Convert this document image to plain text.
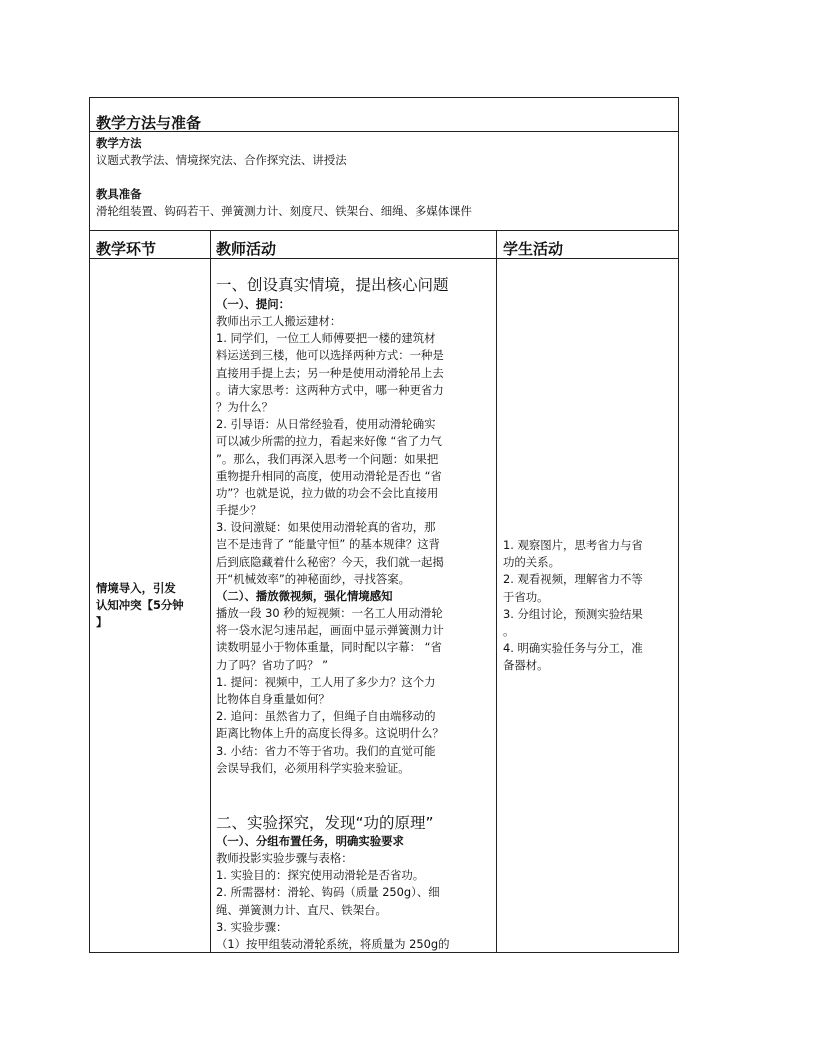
教学方法与准备
教学方法
议题式教学法、情境探究法、合作探究法、讲授法
教具准备
滑轮组装置、钩码若干、弹簧测力计、刻度尺、铁架台、细绳、多媒体课件
教学环节	教师活动	学生活动
情境导入，引发
认知冲突【5分钟
】
一、创设真实情境，提出核心问题
（一）、提问：
教师出示工人搬运建材：
1. 同学们，一位工人师傅要把一楼的建筑材
料运送到三楼，他可以选择两种方式：一种是
直接用手提上去；另一种是使用动滑轮吊上去
。请大家思考：这两种方式中，哪一种更省力
？为什么？
2. 引导语：从日常经验看，使用动滑轮确实
可以减少所需的拉力，看起来好像 “省了力气
”。那么，我们再深入思考一个问题：如果把
重物提升相同的高度，使用动滑轮是否也 “省
功”？也就是说，拉力做的功会不会比直接用
手提少？
3. 设问激疑：如果使用动滑轮真的省功，那
岂不是违背了 “能量守恒” 的基本规律？这背
后到底隐藏着什么秘密？今天，我们就一起揭
开“机械效率”的神秘面纱，寻找答案。
（二）、播放微视频，强化情境感知
播放一段 30 秒的短视频：一名工人用动滑轮
将一袋水泥匀速吊起，画面中显示弹簧测力计
读数明显小于物体重量，同时配以字幕： “省
力了吗？省功了吗？ ”
1. 提问：视频中，工人用了多少力？这个力
比物体自身重量如何？
2. 追问：虽然省力了，但绳子自由端移动的
距离比物体上升的高度长得多。这说明什么？
3. 小结：省力不等于省功。我们的直觉可能
会误导我们，必须用科学实验来验证。
二、实验探究，发现“功的原理”
（一）、分组布置任务，明确实验要求
教师投影实验步骤与表格：
1. 实验目的：探究使用动滑轮是否省功。
2. 所需器材：滑轮、钩码（质量 250g）、细
绳、弹簧测力计、直尺、铁架台。
3. 实验步骤：
（1）按甲组装动滑轮系统，将质量为 250g的
1. 观察图片，思考省力与省
功的关系。
2. 观看视频，理解省力不等
于省功。
3. 分组讨论，预测实验结果
。
4. 明确实验任务与分工，准
备器材。
